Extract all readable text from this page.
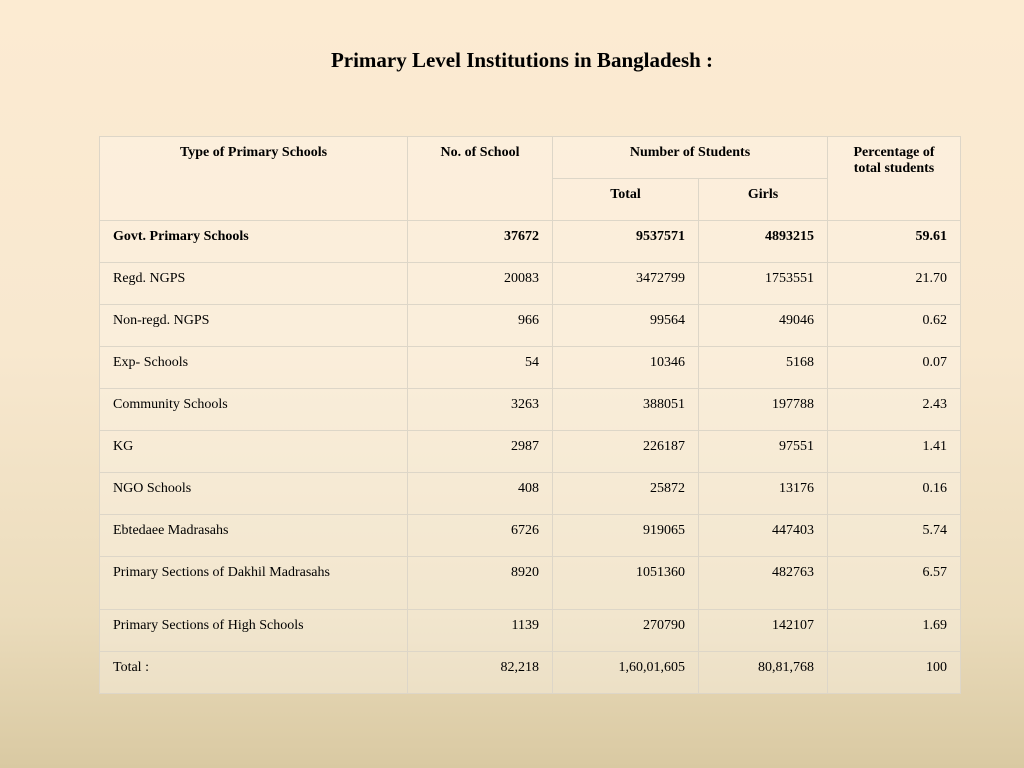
Primary Level Institutions in Bangladesh :
Type of Primary Schools	No. of School	Number of Students		Percentage of total students
		Total	Girls	
Govt. Primary Schools	37672	9537571	4893215	59.61
Regd. NGPS	20083	3472799	1753551	21.70
Non-regd. NGPS	966	99564	49046	0.62
Exp- Schools	54	10346	5168	0.07
Community Schools	3263	388051	197788	2.43
KG	2987	226187	97551	1.41
NGO Schools	408	25872	13176	0.16
Ebtedaee Madrasahs	6726	919065	447403	5.74
Primary Sections of Dakhil Madrasahs	8920	1051360	482763	6.57
Primary Sections of High Schools	1139	270790	142107	1.69
Total :	82,218	1,60,01,605	80,81,768	100
